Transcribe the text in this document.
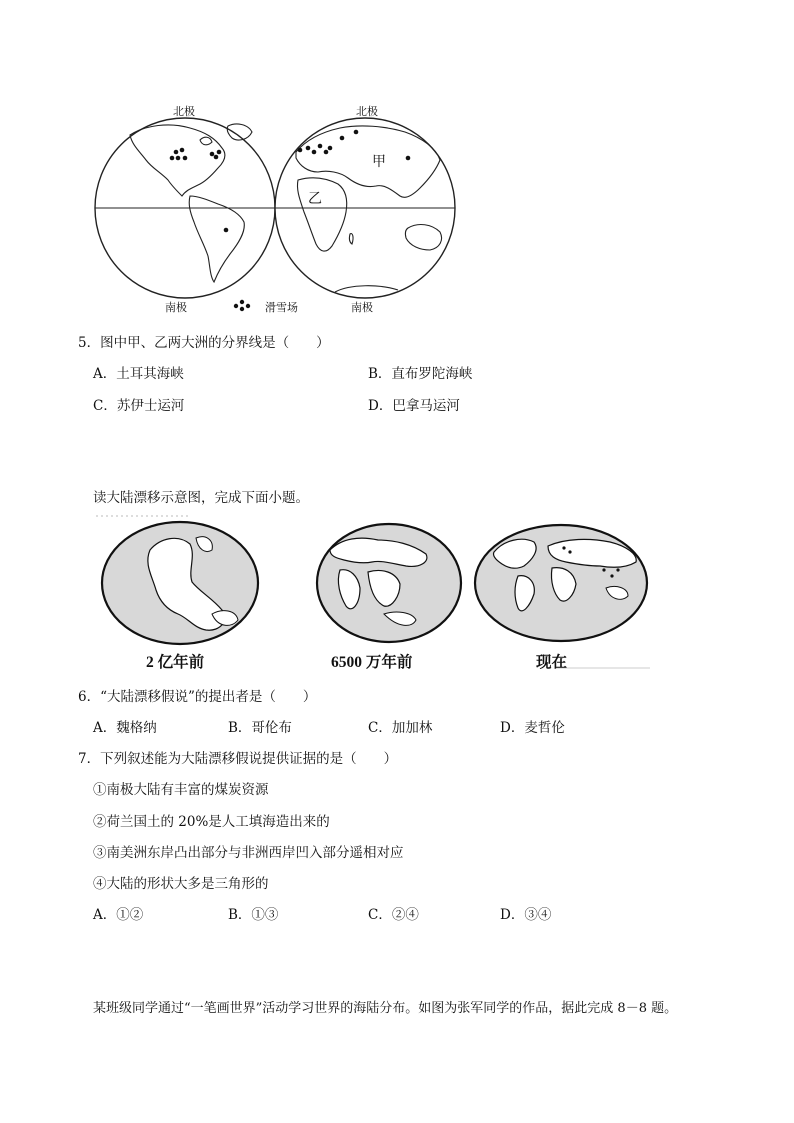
北极	北极
甲
乙
南极	滑雪场	南极
5．图中甲、乙两大洲的分界线是（　　）
A．土耳其海峡	B．直布罗陀海峡
C．苏伊士运河	D．巴拿马运河
读大陆漂移示意图，完成下面小题。
2 亿年前	6500 万年前	现在
6．“大陆漂移假说”的提出者是（　　）
A．魏格纳	B．哥伦布	C．加加林	D．麦哲伦
7．下列叙述能为大陆漂移假说提供证据的是（　　）
①南极大陆有丰富的煤炭资源
②荷兰国土的 20%是人工填海造出来的
③南美洲东岸凸出部分与非洲西岸凹入部分遥相对应
④大陆的形状大多是三角形的
A．①②	B．①③	C．②④	D．③④
某班级同学通过“一笔画世界”活动学习世界的海陆分布。如图为张军同学的作品，据此完成 8－8 题。
